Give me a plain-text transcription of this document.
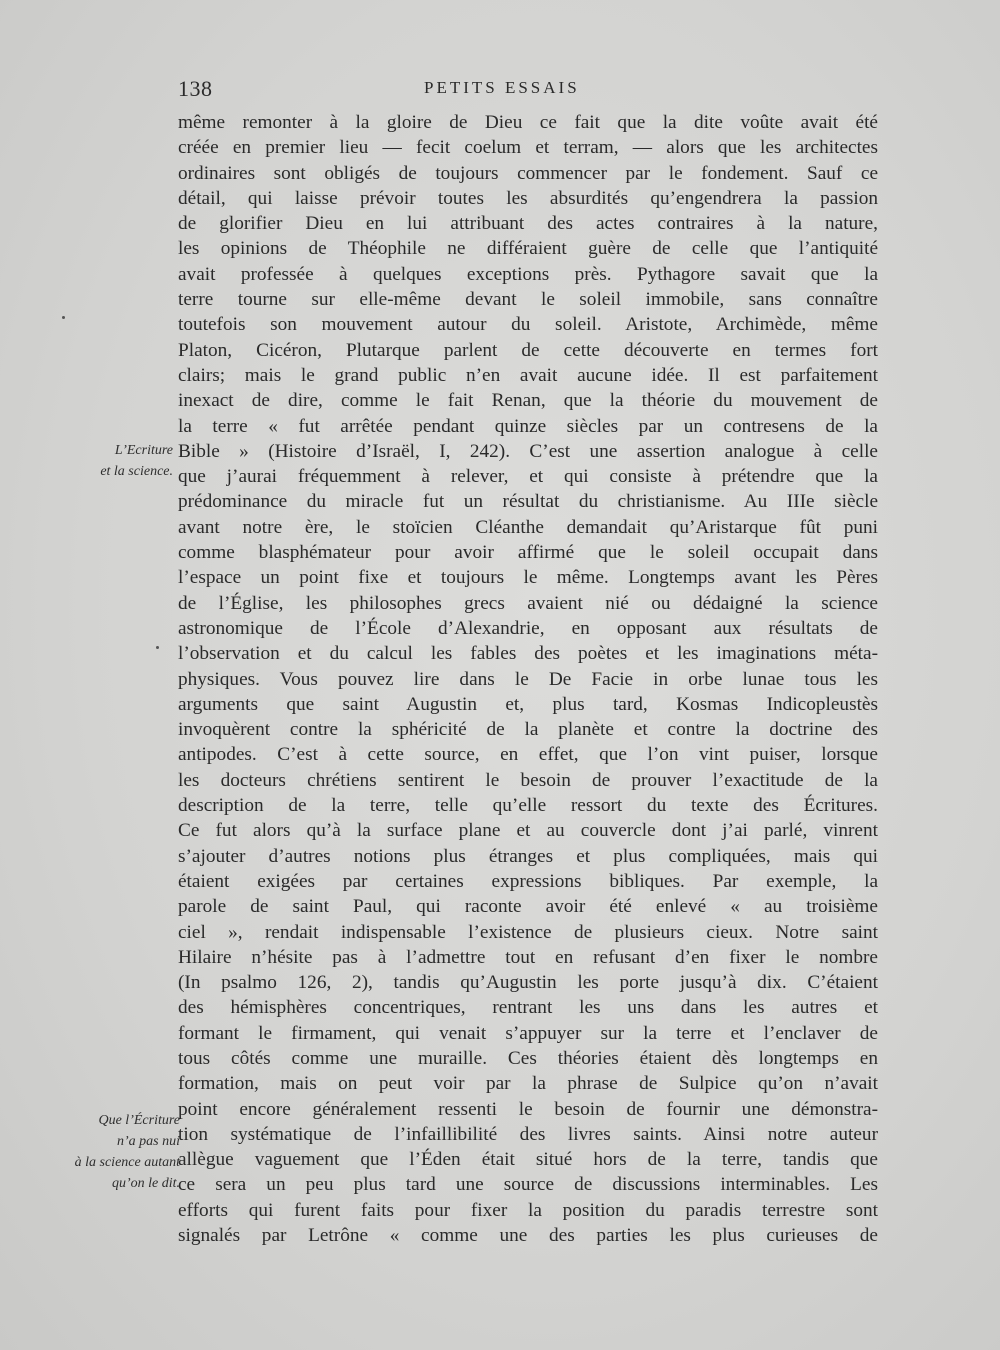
138	PETITS ESSAIS
L’Ecriture
et la science.
Que l’Écriture
n’a pas nui
à la science autant
qu’on le dit.
même remonter à la gloire de Dieu ce fait que la dite voûte avait été
créée en premier lieu — fecit coelum et terram, — alors que les architectes
ordinaires sont obligés de toujours commencer par le fondement. Sauf ce
détail, qui laisse prévoir toutes les absurdités qu’engendrera la passion
de glorifier Dieu en lui attribuant des actes contraires à la nature,
les opinions de Théophile ne différaient guère de celle que l’antiquité
avait professée à quelques exceptions près. Pythagore savait que la
terre tourne sur elle-même devant le soleil immobile, sans connaître
toutefois son mouvement autour du soleil. Aristote, Archimède, même
Platon, Cicéron, Plutarque parlent de cette découverte en termes fort
clairs; mais le grand public n’en avait aucune idée. Il est parfaitement
inexact de dire, comme le fait Renan, que la théorie du mouvement de
la terre « fut arrêtée pendant quinze siècles par un contresens de la
Bible » (Histoire d’Israël, I, 242). C’est une assertion analogue à celle
que j’aurai fréquemment à relever, et qui consiste à prétendre que la
prédominance du miracle fut un résultat du christianisme. Au IIIe siècle
avant notre ère, le stoïcien Cléanthe demandait qu’Aristarque fût puni
comme blasphémateur pour avoir affirmé que le soleil occupait dans
l’espace un point fixe et toujours le même. Longtemps avant les Pères
de l’Église, les philosophes grecs avaient nié ou dédaigné la science
astronomique de l’École d’Alexandrie, en opposant aux résultats de
l’observation et du calcul les fables des poètes et les imaginations méta-
physiques. Vous pouvez lire dans le De Facie in orbe lunae tous les
arguments que saint Augustin et, plus tard, Kosmas Indicopleustès
invoquèrent contre la sphéricité de la planète et contre la doctrine des
antipodes. C’est à cette source, en effet, que l’on vint puiser, lorsque
les docteurs chrétiens sentirent le besoin de prouver l’exactitude de la
description de la terre, telle qu’elle ressort du texte des Écritures.
Ce fut alors qu’à la surface plane et au couvercle dont j’ai parlé, vinrent
s’ajouter d’autres notions plus étranges et plus compliquées, mais qui
étaient exigées par certaines expressions bibliques. Par exemple, la
parole de saint Paul, qui raconte avoir été enlevé « au troisième
ciel », rendait indispensable l’existence de plusieurs cieux. Notre saint
Hilaire n’hésite pas à l’admettre tout en refusant d’en fixer le nombre
(In psalmo 126, 2), tandis qu’Augustin les porte jusqu’à dix. C’étaient
des hémisphères concentriques, rentrant les uns dans les autres et
formant le firmament, qui venait s’appuyer sur la terre et l’enclaver de
tous côtés comme une muraille. Ces théories étaient dès longtemps en
formation, mais on peut voir par la phrase de Sulpice qu’on n’avait
point encore généralement ressenti le besoin de fournir une démonstra-
tion systématique de l’infaillibilité des livres saints. Ainsi notre auteur
allègue vaguement que l’Éden était situé hors de la terre, tandis que
ce sera un peu plus tard une source de discussions interminables. Les
efforts qui furent faits pour fixer la position du paradis terrestre sont
signalés par Letrône « comme une des parties les plus curieuses de
